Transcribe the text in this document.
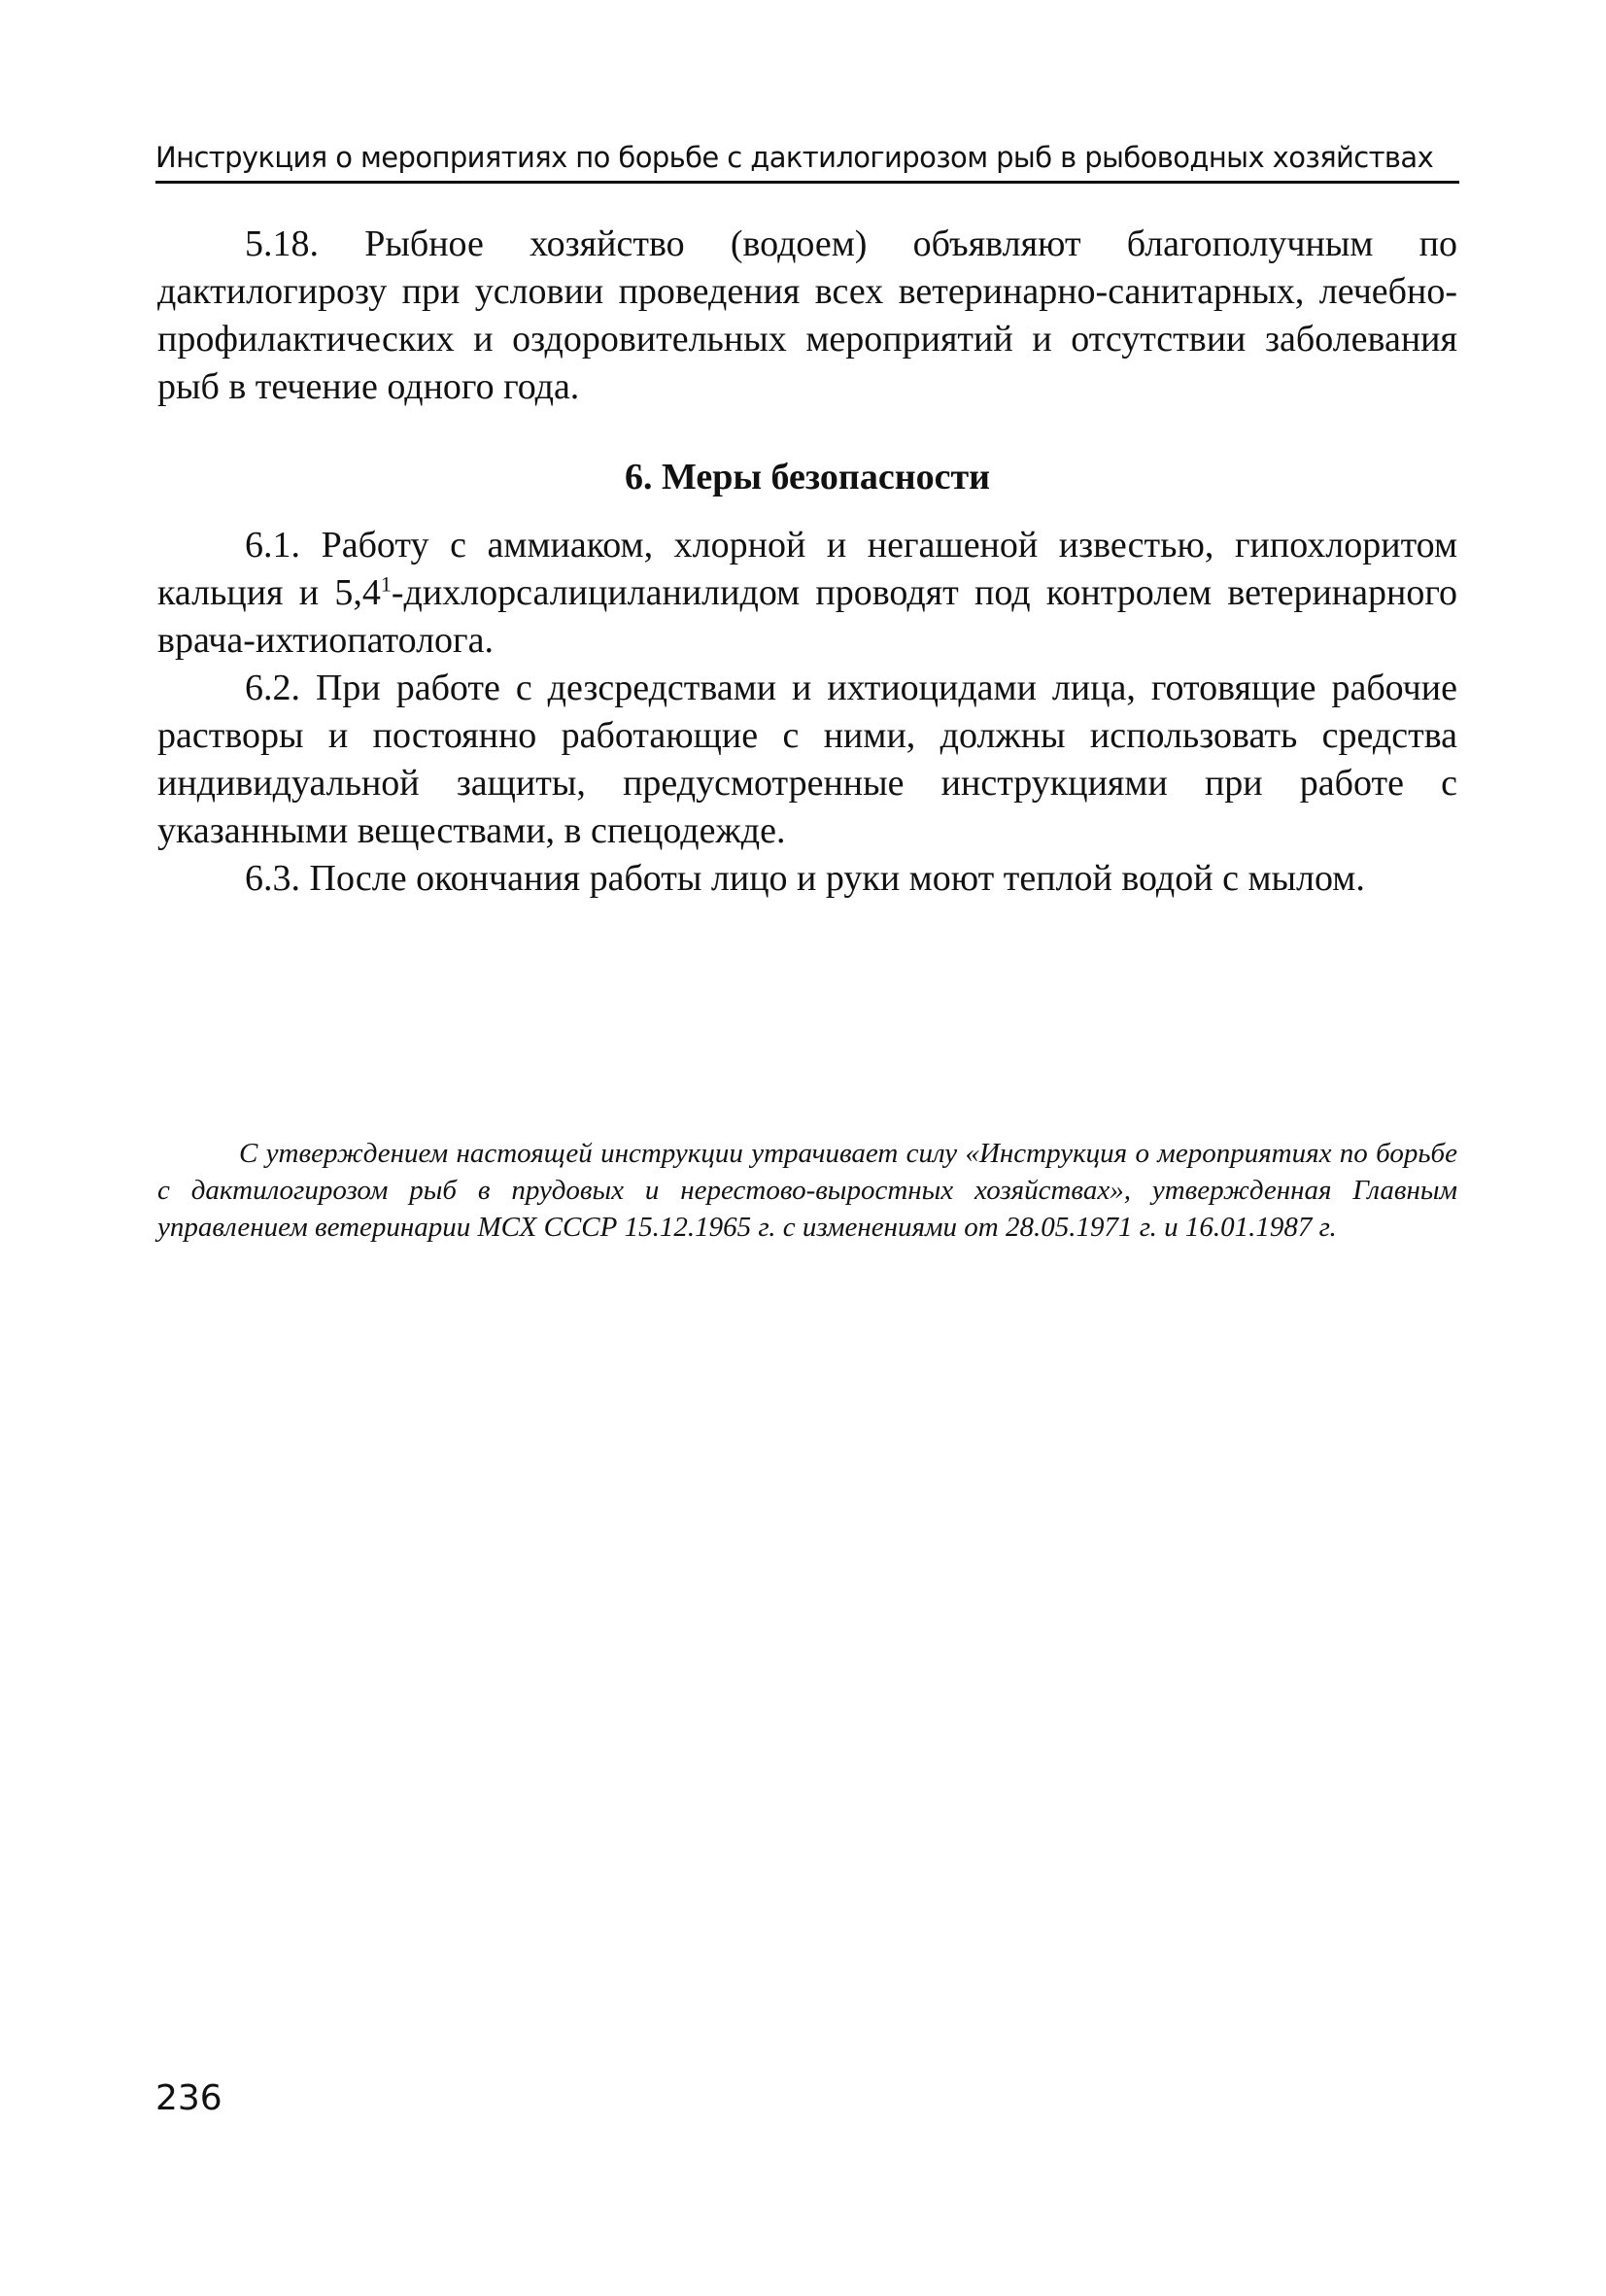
Инструкция о мероприятиях по борьбе с дактилогирозом рыб в рыбоводных хозяйствах

5.18. Рыбное хозяйство (водоем) объявляют благополучным по дактилогирозу при условии проведения всех ветеринарно-санитарных, лечебно-профилактических и оздоровительных мероприятий и отсутствии заболевания рыб в течение одного года.

6. Меры безопасности

6.1. Работу с аммиаком, хлорной и негашеной известью, гипохлоритом кальция и $5,4^1$-дихлорсалициланилидом проводят под контролем ветеринарного врача-ихтиопатолога.

6.2. При работе с дезсредствами и ихтиоцидами лица, готовящие рабочие растворы и постоянно работающие с ними, должны использовать средства индивидуальной защиты, предусмотренные инструкциями при работе с указанными веществами, в спецодежде.

6.3. После окончания работы лицо и руки моют теплой водой с мылом.

С утверждением настоящей инструкции утрачивает силу «Инструкция о мероприятиях по борьбе с дактилогирозом рыб в прудовых и нерестово-выростных хозяйствах», утвержденная Главным управлением ветеринарии МСХ СССР 15.12.1965 г. с изменениями от 28.05.1971 г. и 16.01.1987 г.
236
